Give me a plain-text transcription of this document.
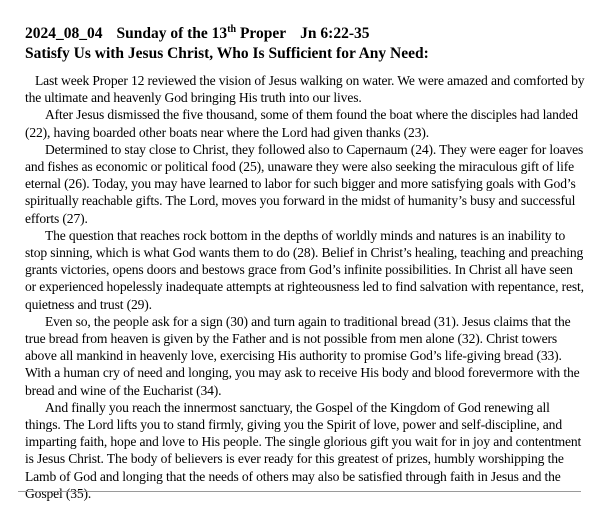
2024_08_04 Sunday of the 13th Proper Jn 6:22-35
Satisfy Us with Jesus Christ, Who Is Sufficient for Any Need:

Last week Proper 12 reviewed the vision of Jesus walking on water. We were amazed and comforted by the ultimate and heavenly God bringing His truth into our lives.

After Jesus dismissed the five thousand, some of them found the boat where the disciples had landed (22), having boarded other boats near where the Lord had given thanks (23).

Determined to stay close to Christ, they followed also to Capernaum (24). They were eager for loaves and fishes as economic or political food (25), unaware they were also seeking the miraculous gift of life eternal (26). Today, you may have learned to labor for such bigger and more satisfying goals with God’s spiritually reachable gifts. The Lord, moves you forward in the midst of humanity’s busy and successful efforts (27).

The question that reaches rock bottom in the depths of worldly minds and natures is an inability to stop sinning, which is what God wants them to do (28). Belief in Christ’s healing, teaching and preaching grants victories, opens doors and bestows grace from God’s infinite possibilities. In Christ all have seen or experienced hopelessly inadequate attempts at righteousness led to find salvation with repentance, rest, quietness and trust (29).

Even so, the people ask for a sign (30) and turn again to traditional bread (31). Jesus claims that the true bread from heaven is given by the Father and is not possible from men alone (32). Christ towers above all mankind in heavenly love, exercising His authority to promise God’s life-giving bread (33). With a human cry of need and longing, you may ask to receive His body and blood forevermore with the bread and wine of the Eucharist (34).

And finally you reach the innermost sanctuary, the Gospel of the Kingdom of God renewing all things. The Lord lifts you to stand firmly, giving you the Spirit of love, power and self-discipline, and imparting faith, hope and love to His people. The single glorious gift you wait for in joy and contentment is Jesus Christ. The body of believers is ever ready for this greatest of prizes, humbly worshipping the Lamb of God and longing that the needs of others may also be satisfied through faith in Jesus and the Gospel (35).
